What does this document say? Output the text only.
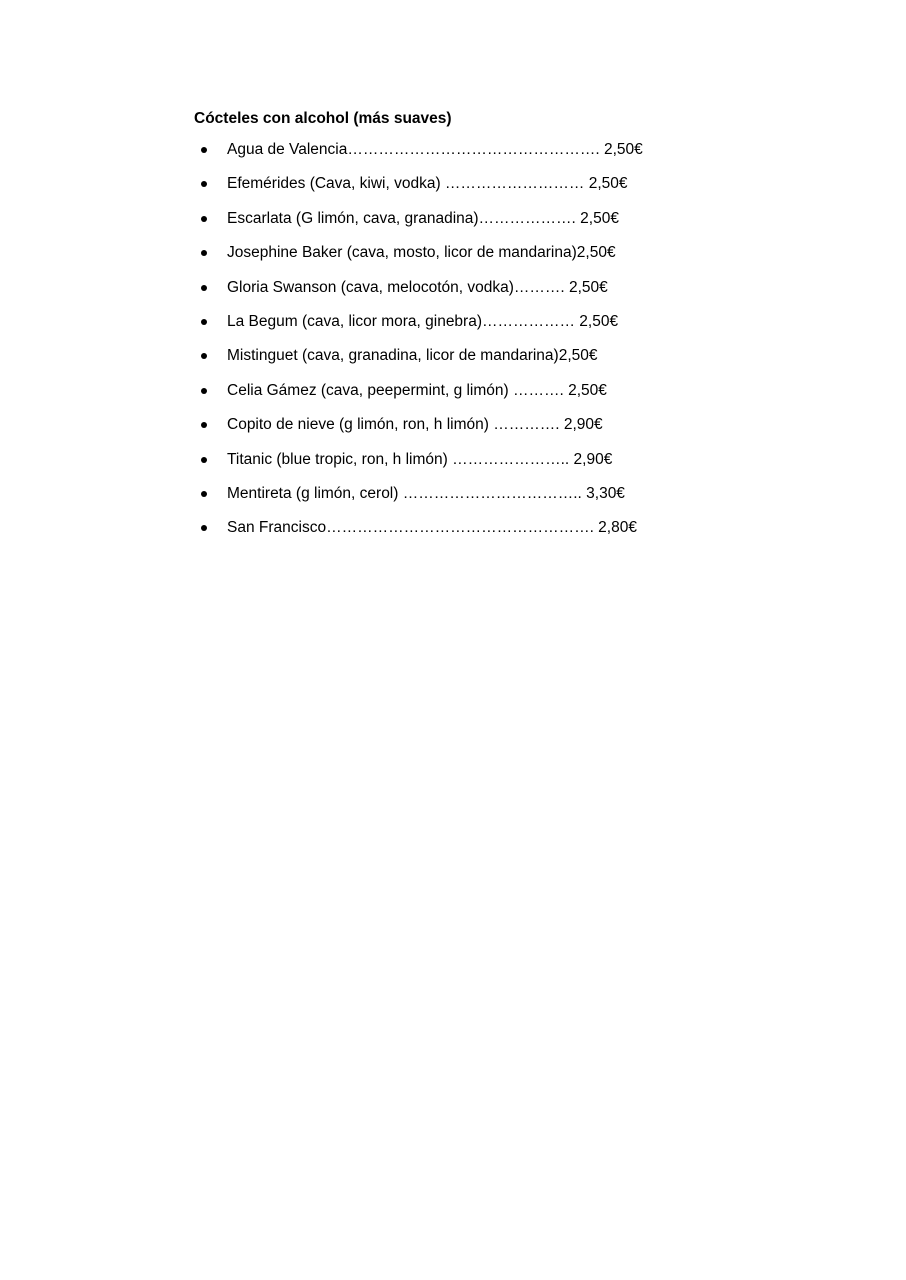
Cócteles con alcohol (más suaves)
Agua de Valencia…………………………………………. 2,50€
Efemérides (Cava, kiwi, vodka) ……………………… 2,50€
Escarlata (G limón, cava, granadina)………………. 2,50€
Josephine Baker (cava, mosto, licor de mandarina)2,50€
Gloria Swanson (cava, melocotón, vodka)………. 2,50€
La Begum (cava, licor mora, ginebra)……………… 2,50€
Mistinguet (cava, granadina, licor de mandarina)2,50€
Celia Gámez (cava, peepermint, g limón) ………. 2,50€
Copito de nieve (g limón, ron, h limón) …………. 2,90€
Titanic (blue tropic, ron, h limón) ………………….. 2,90€
Mentireta (g limón, cerol) …………………………….. 3,30€
San Francisco……………………………………………. 2,80€
